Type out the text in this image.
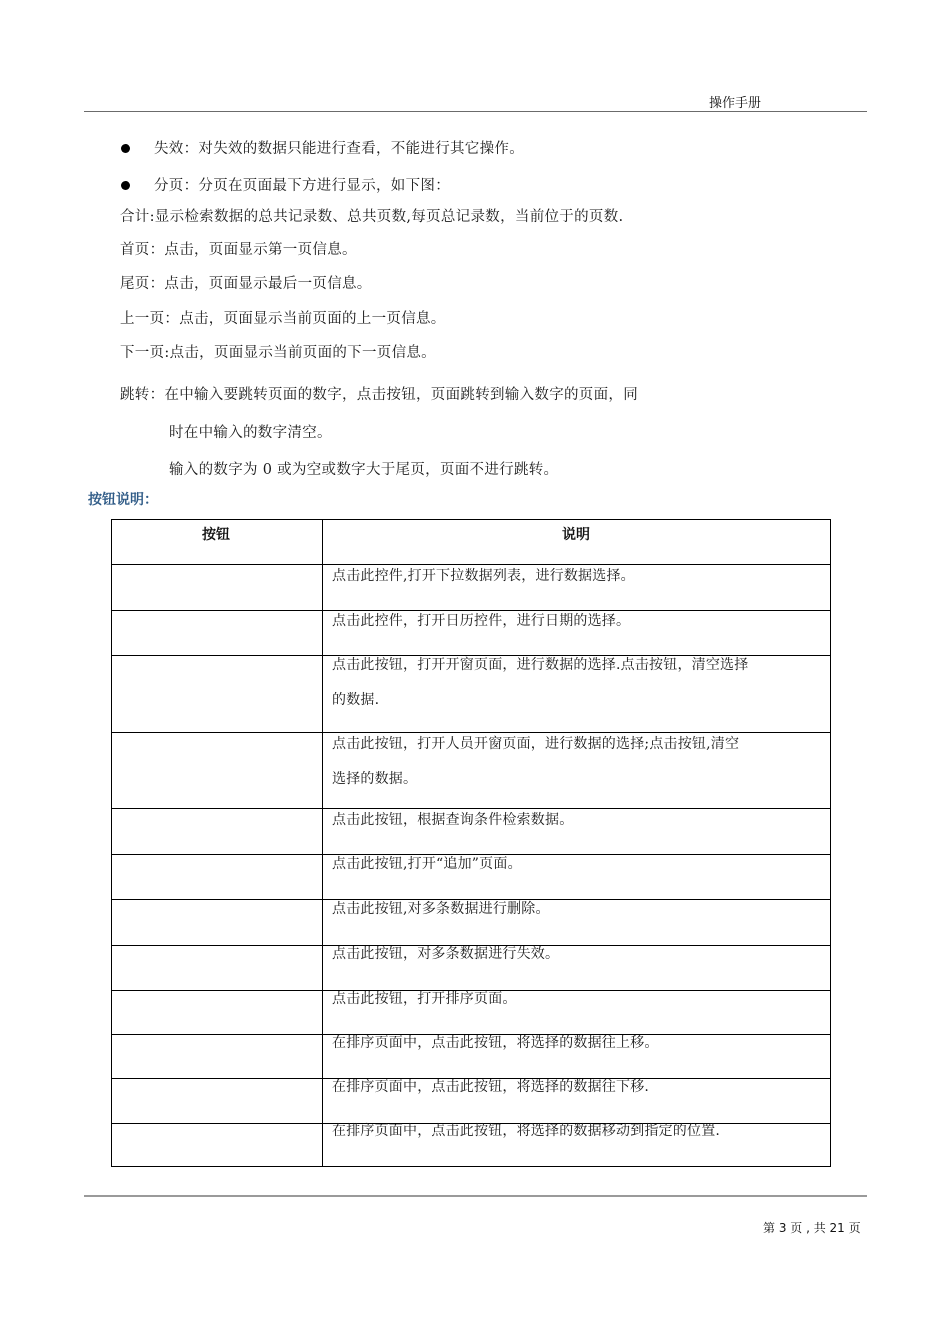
操作手册
失效：对失效的数据只能进行查看，不能进行其它操作。
分页：分页在页面最下方进行显示，如下图：
合计:显示检索数据的总共记录数、总共页数,每页总记录数，当前位于的页数.
首页：点击，页面显示第一页信息。
尾页：点击，页面显示最后一页信息。
上一页：点击，页面显示当前页面的上一页信息。
下一页:点击，页面显示当前页面的下一页信息。
跳转：在中输入要跳转页面的数字，点击按钮，页面跳转到输入数字的页面，同
时在中输入的数字清空。
输入的数字为 0 或为空或数字大于尾页，页面不进行跳转。
按钮说明：
按钮	说明
点击此控件,打开下拉数据列表，进行数据选择。
点击此控件，打开日历控件，进行日期的选择。
点击此按钮，打开开窗页面，进行数据的选择.点击按钮，清空选择
的数据.
点击此按钮，打开人员开窗页面，进行数据的选择;点击按钮,清空
选择的数据。
点击此按钮，根据查询条件检索数据。
点击此按钮,打开“追加”页面。
点击此按钮,对多条数据进行删除。
点击此按钮，对多条数据进行失效。
点击此按钮，打开排序页面。
在排序页面中，点击此按钮，将选择的数据往上移。
在排序页面中，点击此按钮，将选择的数据往下移.
在排序页面中，点击此按钮，将选择的数据移动到指定的位置.
第 3 页 , 共 21 页
